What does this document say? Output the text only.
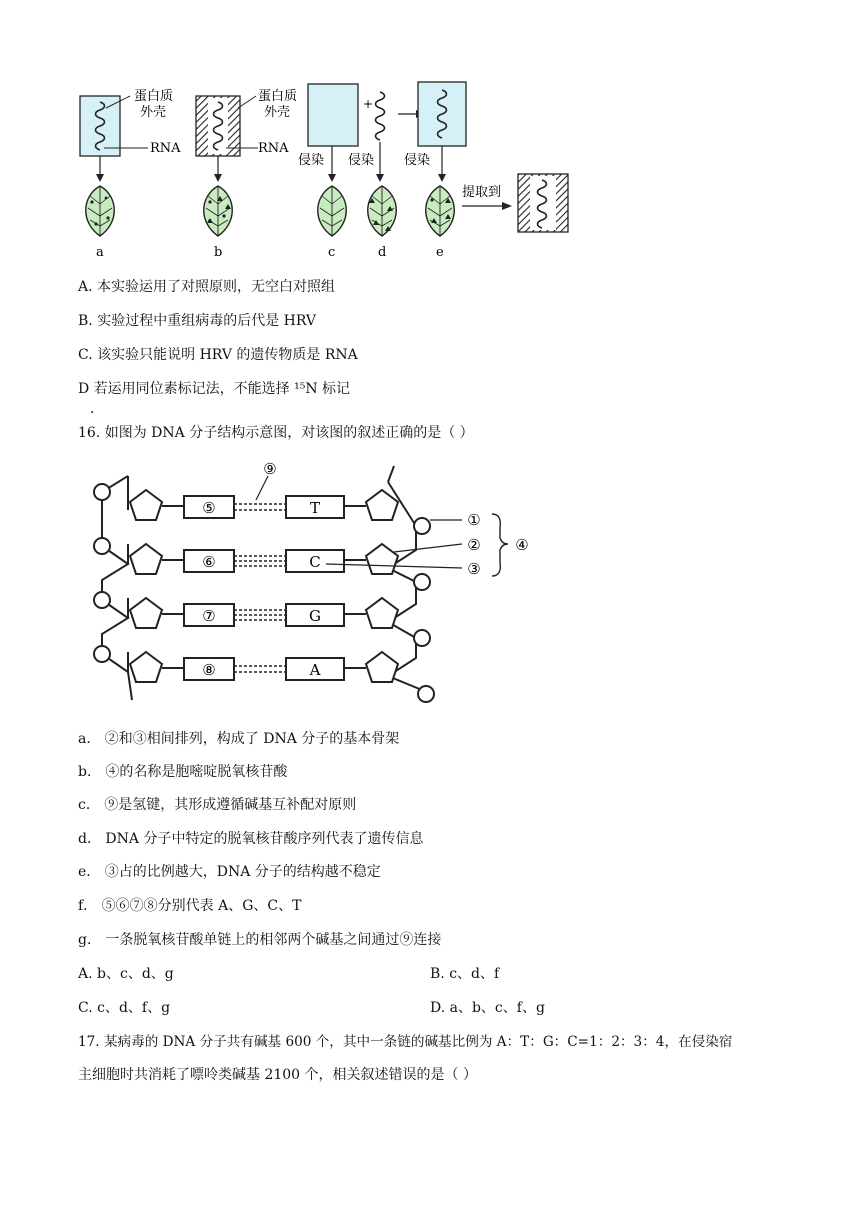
蛋白质
外壳
RNA
蛋白质
外壳
RNA
+
侵染 侵染 侵染
提取到
a	b	c	d	e
A. 本实验运用了对照原则，无空白对照组
B. 实验过程中重组病毒的后代是 HRV
C. 该实验只能说明 HRV 的遗传物质是 RNA
D 若运用同位素标记法，不能选择 ¹⁵N 标记
．
16. 如图为 DNA 分子结构示意图，对该图的叙述正确的是（ ）
⑤
⑥
⑦
⑧
T
C
G
A
⑨
①
②
③
④
a． ②和③相间排列，构成了 DNA 分子的基本骨架
b． ④的名称是胞嘧啶脱氧核苷酸
c． ⑨是氢键，其形成遵循碱基互补配对原则
d． DNA 分子中特定的脱氧核苷酸序列代表了遗传信息
e． ③占的比例越大，DNA 分子的结构越不稳定
f． ⑤⑥⑦⑧分别代表 A、G、C、T
g． 一条脱氧核苷酸单链上的相邻两个碱基之间通过⑨连接
A. b、c、d、g	B. c、d、f
C. c、d、f、g	D. a、b、c、f、g
17. 某病毒的 DNA 分子共有碱基 600 个，其中一条链的碱基比例为 A：T：G：C=1：2：3：4，在侵染宿
主细胞时共消耗了嘌呤类碱基 2100 个，相关叙述错误的是（ ）
